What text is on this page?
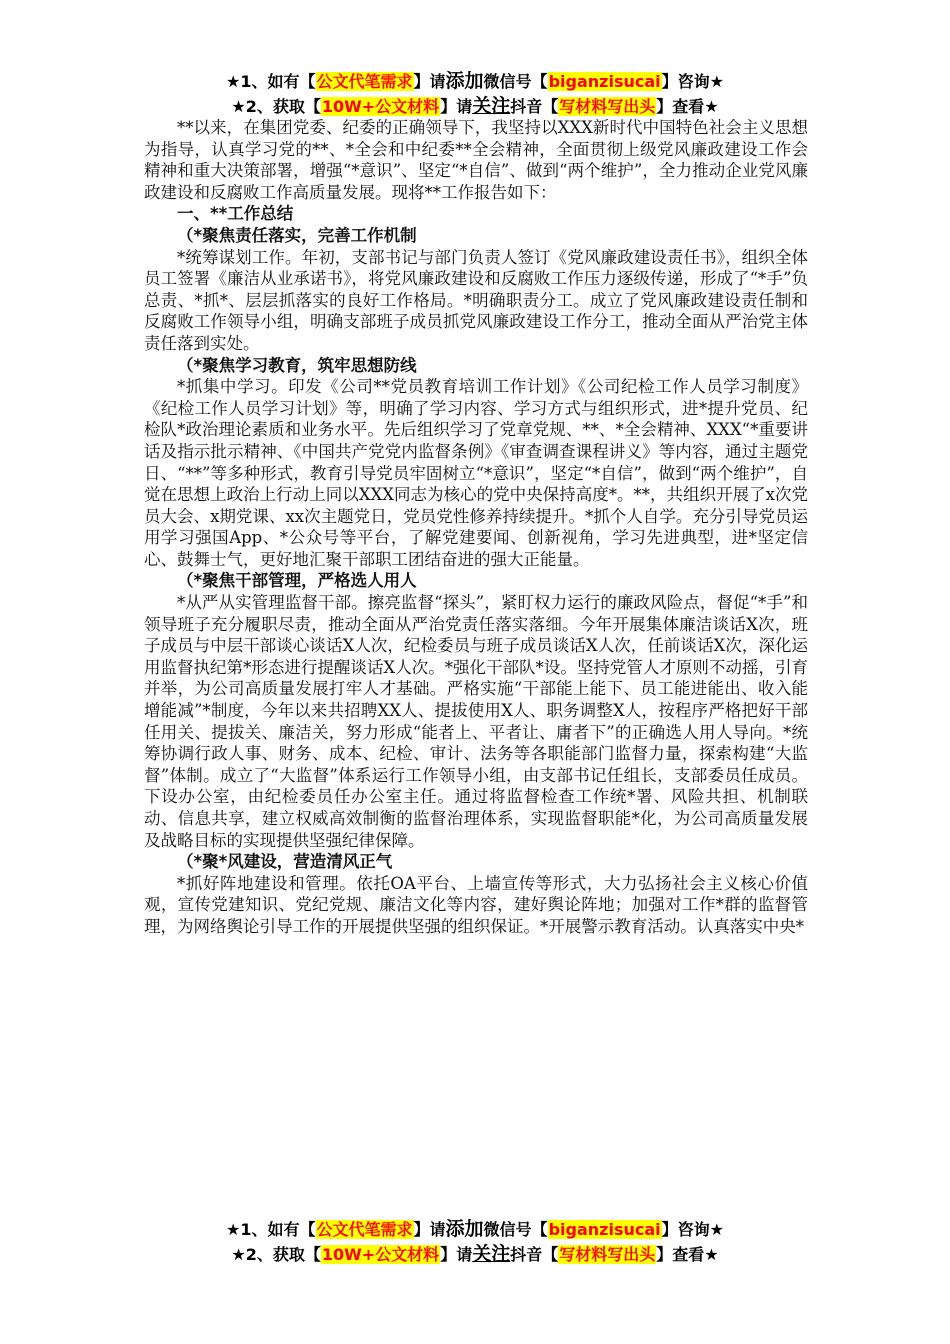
★1、如有【公文代笔需求】请添加微信号【biganzisucai】咨询★
★2、获取【10W+公文材料】请关注抖音【写材料写出头】查看★

**以来，在集团党委、纪委的正确领导下，我坚持以XXX新时代中国特色社会主义思想为指导，认真学习党的**、*全会和中纪委**全会精神，全面贯彻上级党风廉政建设工作会精神和重大决策部署，增强“*意识”、坚定“*自信”、做到“两个维护”，全力推动企业党风廉政建设和反腐败工作高质量发展。现将**工作报告如下：

一、**工作总结

（*聚焦责任落实，完善工作机制

*统筹谋划工作。年初，支部书记与部门负责人签订《党风廉政建设责任书》，组织全体员工签署《廉洁从业承诺书》，将党风廉政建设和反腐败工作压力逐级传递，形成了“*手”负总责、*抓*、层层抓落实的良好工作格局。*明确职责分工。成立了党风廉政建设责任制和反腐败工作领导小组，明确支部班子成员抓党风廉政建设工作分工，推动全面从严治党主体责任落到实处。

（*聚焦学习教育，筑牢思想防线

*抓集中学习。印发《公司**党员教育培训工作计划》《公司纪检工作人员学习制度》《纪检工作人员学习计划》等，明确了学习内容、学习方式与组织形式，进*提升党员、纪检队*政治理论素质和业务水平。先后组织学习了党章党规、**、*全会精神、XXX“*重要讲话及指示批示精神、《中国共产党党内监督条例》《审查调查课程讲义》等内容，通过主题党日、“**”等多种形式，教育引导党员牢固树立“*意识”，坚定“*自信”，做到“两个维护”，自觉在思想上政治上行动上同以XXX同志为核心的党中央保持高度*。**，共组织开展了x次党员大会、x期党课、xx次主题党日，党员党性修养持续提升。*抓个人自学。充分引导党员运用学习强国App、*公众号等平台，了解党建要闻、创新视角，学习先进典型，进*坚定信心、鼓舞士气，更好地汇聚干部职工团结奋进的强大正能量。

（*聚焦干部管理，严格选人用人

*从严从实管理监督干部。擦亮监督“探头”，紧盯权力运行的廉政风险点，督促“*手”和领导班子充分履职尽责，推动全面从严治党责任落实落细。今年开展集体廉洁谈话X次，班子成员与中层干部谈心谈话X人次，纪检委员与班子成员谈话X人次，任前谈话X次，深化运用监督执纪第*形态进行提醒谈话X人次。*强化干部队*设。坚持党管人才原则不动摇，引育并举，为公司高质量发展打牢人才基础。严格实施“干部能上能下、员工能进能出、收入能增能减”*制度，今年以来共招聘XX人、提拔使用X人、职务调整X人，按程序严格把好干部任用关、提拔关、廉洁关，努力形成“能者上、平者让、庸者下”的正确选人用人导向。*统筹协调行政人事、财务、成本、纪检、审计、法务等各职能部门监督力量，探索构建“大监督”体制。成立了“大监督”体系运行工作领导小组，由支部书记任组长，支部委员任成员。下设办公室，由纪检委员任办公室主任。通过将监督检查工作统*署、风险共担、机制联动、信息共享，建立权威高效制衡的监督治理体系，实现监督职能*化，为公司高质量发展及战略目标的实现提供坚强纪律保障。

（*聚*风建设，营造清风正气

*抓好阵地建设和管理。依托OA平台、上墙宣传等形式，大力弘扬社会主义核心价值观，宣传党建知识、党纪党规、廉洁文化等内容，建好舆论阵地；加强对工作*群的监督管理，为网络舆论引导工作的开展提供坚强的组织保证。*开展警示教育活动。认真落实中央*

★1、如有【公文代笔需求】请添加微信号【biganzisucai】咨询★
★2、获取【10W+公文材料】请关注抖音【写材料写出头】查看★
